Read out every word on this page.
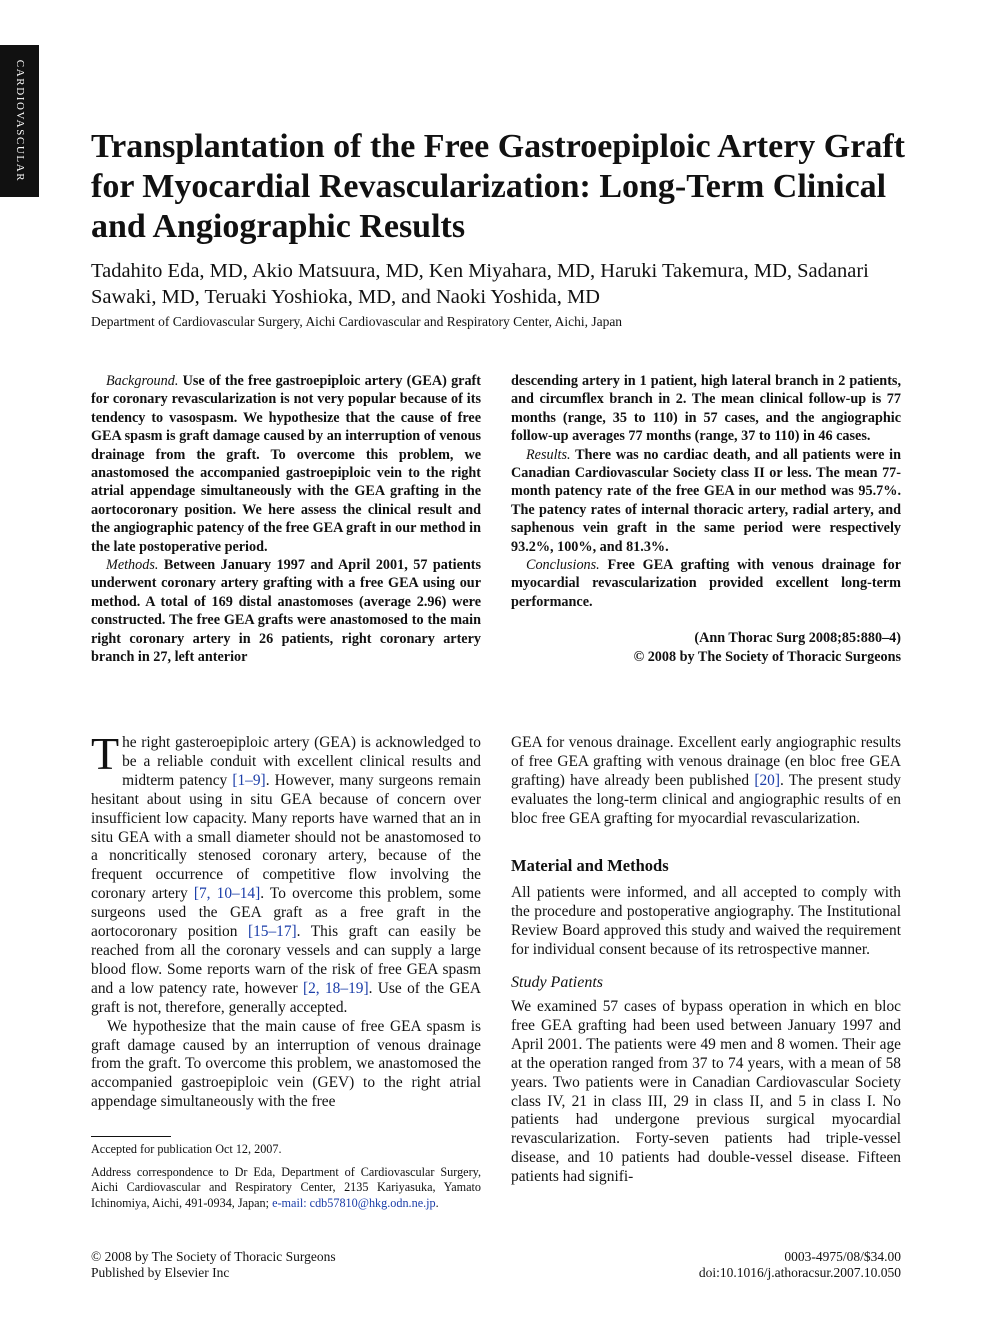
CARDIOVASCULAR Transplantation of the Free Gastroepiploic Artery Graft for Myocardial Revascularization: Long-Term Clinical and Angiographic Results
Tadahito Eda, MD, Akio Matsuura, MD, Ken Miyahara, MD, Haruki Takemura, MD, Sadanari Sawaki, MD, Teruaki Yoshioka, MD, and Naoki Yoshida, MD
Department of Cardiovascular Surgery, Aichi Cardiovascular and Respiratory Center, Aichi, Japan

Background. Use of the free gastroepiploic artery (GEA) graft for coronary revascularization is not very popular because of its tendency to vasospasm. We hypothesize that the cause of free GEA spasm is graft damage caused by an interruption of venous drainage from the graft. To overcome this problem, we anastomosed the accompanied gastroepiploic vein to the right atrial appendage simultaneously with the GEA grafting in the aortocoronary position. We here assess the clinical result and the angiographic patency of the free GEA graft in our method in the late postoperative period.

Methods. Between January 1997 and April 2001, 57 patients underwent coronary artery grafting with a free GEA using our method. A total of 169 distal anastomoses (average 2.96) were constructed. The free GEA grafts were anastomosed to the main right coronary artery in 26 patients, right coronary artery branch in 27, left anterior

descending artery in 1 patient, high lateral branch in 2 patients, and circumflex branch in 2. The mean clinical follow-up is 77 months (range, 35 to 110) in 57 cases, and the angiographic follow-up averages 77 months (range, 37 to 110) in 46 cases.

Results. There was no cardiac death, and all patients were in Canadian Cardiovascular Society class II or less. The mean 77-month patency rate of the free GEA in our method was 95.7%. The patency rates of internal thoracic artery, radial artery, and saphenous vein graft in the same period were respectively 93.2%, 100%, and 81.3%.

Conclusions. Free GEA grafting with venous drainage for myocardial revascularization provided excellent long-term performance.

(Ann Thorac Surg 2008;85:880–4)
© 2008 by The Society of Thoracic Surgeons

The right gasteroepiploic artery (GEA) is acknowledged to be a reliable conduit with excellent clinical results and midterm patency [1–9]. However, many surgeons remain hesitant about using in situ GEA because of concern over insufficient low capacity. Many reports have warned that an in situ GEA with a small diameter should not be anastomosed to a noncritically stenosed coronary artery, because of the frequent occurrence of competitive flow involving the coronary artery [7, 10–14]. To overcome this problem, some surgeons used the GEA graft as a free graft in the aortocoronary position [15–17]. This graft can easily be reached from all the coronary vessels and can supply a large blood flow. Some reports warn of the risk of free GEA spasm and a low patency rate, however [2, 18–19]. Use of the GEA graft is not, therefore, generally accepted.

We hypothesize that the main cause of free GEA spasm is graft damage caused by an interruption of venous drainage from the graft. To overcome this problem, we anastomosed the accompanied gastroepiploic vein (GEV) to the right atrial appendage simultaneously with the free

GEA for venous drainage. Excellent early angiographic results of free GEA grafting with venous drainage (en bloc free GEA grafting) have already been published [20]. The present study evaluates the long-term clinical and angiographic results of en bloc free GEA grafting for myocardial revascularization.

Material and Methods

All patients were informed, and all accepted to comply with the procedure and postoperative angiography. The Institutional Review Board approved this study and waived the requirement for individual consent because of its retrospective manner.

Study Patients

We examined 57 cases of bypass operation in which en bloc free GEA grafting had been used between January 1997 and April 2001. The patients were 49 men and 8 women. Their age at the operation ranged from 37 to 74 years, with a mean of 58 years. Two patients were in Canadian Cardiovascular Society class IV, 21 in class III, 29 in class II, and 5 in class I. No patients had undergone previous surgical myocardial revascularization. Forty-seven patients had triple-vessel disease, and 10 patients had double-vessel disease. Fifteen patients had signifi-

Accepted for publication Oct 12, 2007.

Address correspondence to Dr Eda, Department of Cardiovascular Surgery, Aichi Cardiovascular and Respiratory Center, 2135 Kariyasuka, Yamato Ichinomiya, Aichi, 491-0934, Japan; e-mail: cdb57810@hkg.odn.ne.jp.

© 2008 by The Society of Thoracic Surgeons
Published by Elsevier Inc
0003-4975/08/$34.00
doi:10.1016/j.athoracsur.2007.10.050
